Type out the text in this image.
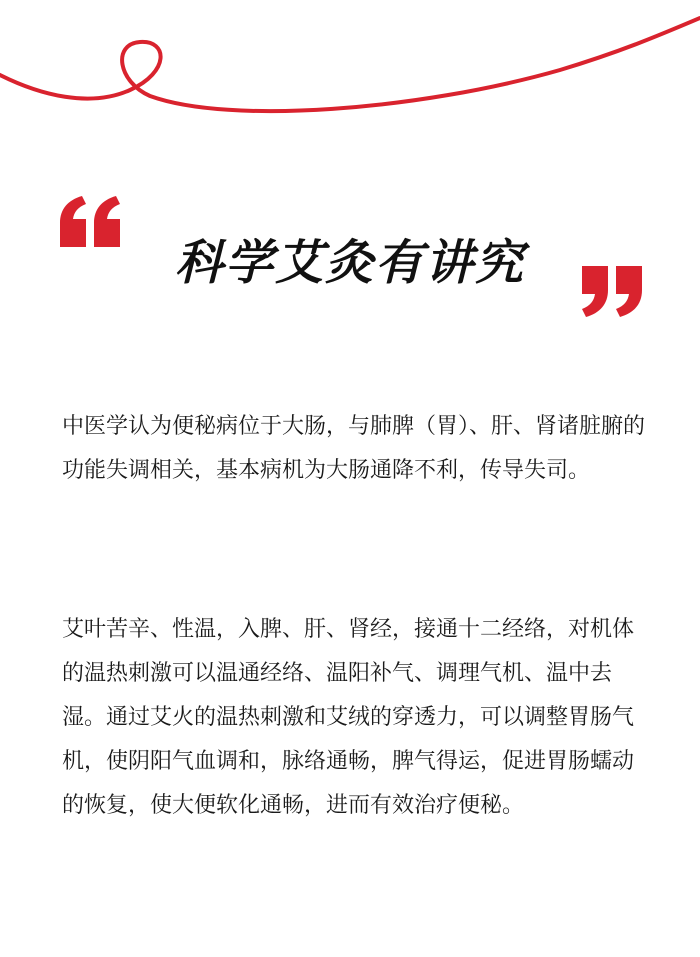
科学艾灸有讲究

中医学认为便秘病位于大肠，与肺脾（胃）、肝、肾诸脏腑的功能失调相关，基本病机为大肠通降不利，传导失司。

艾叶苦辛、性温，入脾、肝、肾经，接通十二经络，对机体的温热刺激可以温通经络、温阳补气、调理气机、温中去湿。通过艾火的温热刺激和艾绒的穿透力，可以调整胃肠气机，使阴阳气血调和，脉络通畅，脾气得运，促进胃肠蠕动的恢复，使大便软化通畅，进而有效治疗便秘。
